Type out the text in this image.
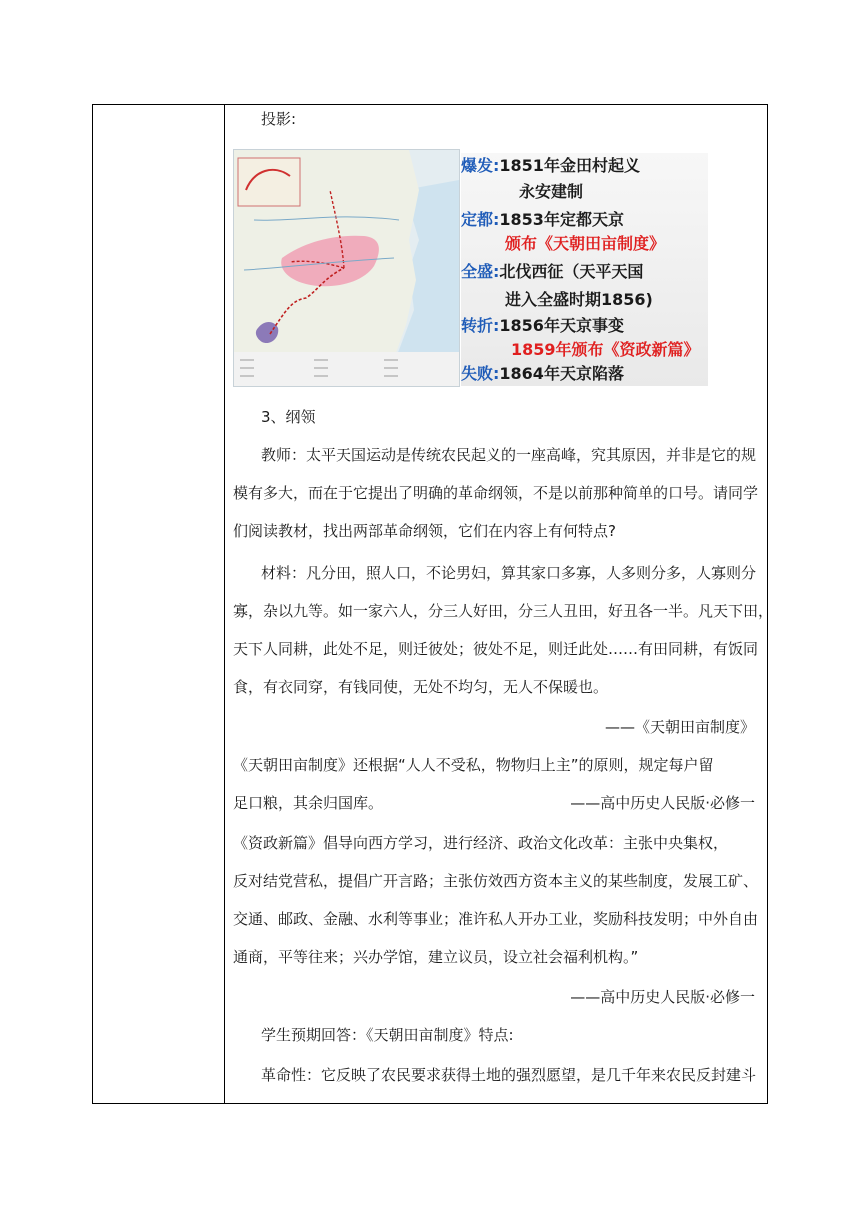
投影:
爆发:1851年金田村起义
永安建制
定都:1853年定都天京
颁布《天朝田亩制度》
全盛:北伐西征（天平天国
进入全盛时期1856)
转折:1856年天京事变
1859年颁布《资政新篇》
失败:1864年天京陷落
3、纲领
教师：太平天国运动是传统农民起义的一座高峰，究其原因，并非是它的规
模有多大，而在于它提出了明确的革命纲领，不是以前那种简单的口号。请同学
们阅读教材，找出两部革命纲领，它们在内容上有何特点?
材料：凡分田，照人口，不论男妇，算其家口多寡，人多则分多，人寡则分
寡，杂以九等。如一家六人，分三人好田，分三人丑田，好丑各一半。凡天下田，
天下人同耕，此处不足，则迁彼处；彼处不足，则迁此处……有田同耕，有饭同
食，有衣同穿，有钱同使，无处不均匀，无人不保暖也。
——《天朝田亩制度》
《天朝田亩制度》还根据“人人不受私，物物归上主”的原则，规定每户留
足口粮，其余归国库。	——高中历史人民版·必修一
《资政新篇》倡导向西方学习，进行经济、政治文化改革：主张中央集权，
反对结党营私，提倡广开言路；主张仿效西方资本主义的某些制度，发展工矿、
交通、邮政、金融、水利等事业；准许私人开办工业，奖励科技发明；中外自由
通商，平等往来；兴办学馆，建立议员，设立社会福利机构。”
——高中历史人民版·必修一
学生预期回答：《天朝田亩制度》特点:
革命性：它反映了农民要求获得土地的强烈愿望，是几千年来农民反封建斗
